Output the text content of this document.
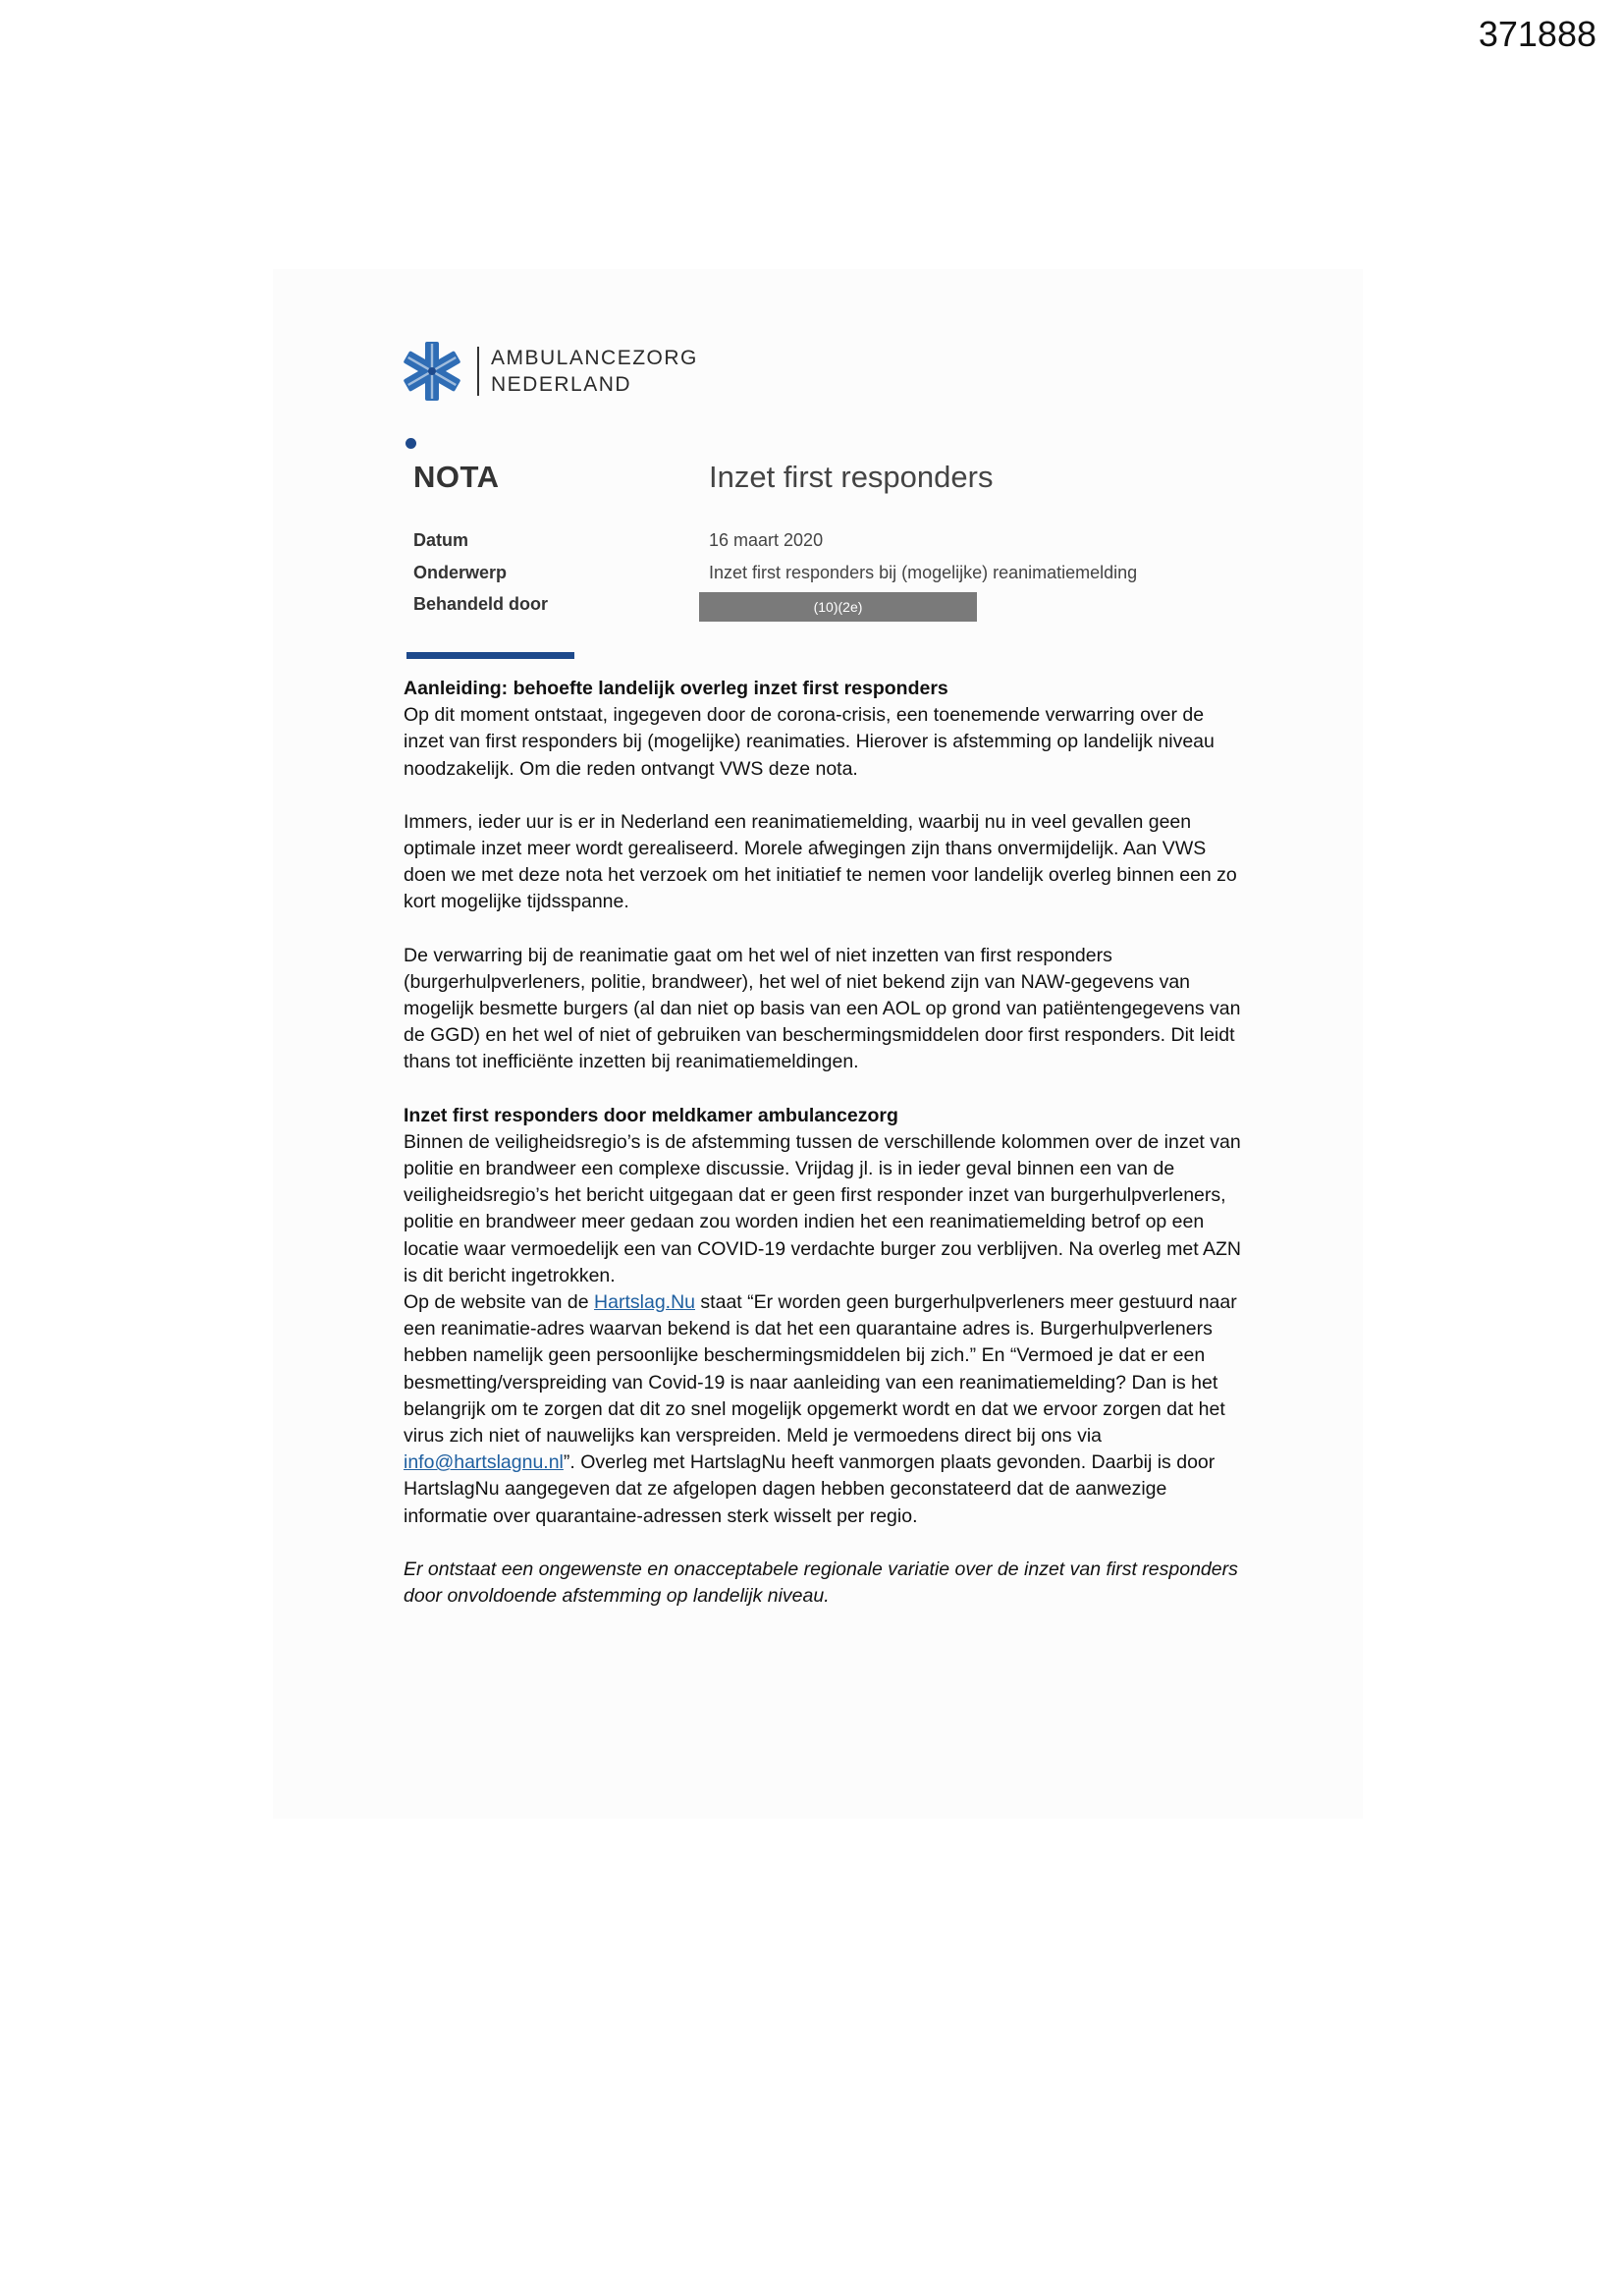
371888
AMBULANCEZORG
NEDERLAND
NOTA	Inzet first responders
Datum	16 maart 2020
Onderwerp	Inzet first responders bij (mogelijke) reanimatiemelding
Behandeld door	(10)(2e)
Aanleiding: behoefte landelijk overleg inzet first responders

Op dit moment ontstaat, ingegeven door de corona-crisis, een toenemende verwarring over de inzet van first responders bij (mogelijke) reanimaties. Hierover is afstemming op landelijk niveau noodzakelijk. Om die reden ontvangt VWS deze nota.

Immers, ieder uur is er in Nederland een reanimatiemelding, waarbij nu in veel gevallen geen optimale inzet meer wordt gerealiseerd. Morele afwegingen zijn thans onvermijdelijk. Aan VWS doen we met deze nota het verzoek om het initiatief te nemen voor landelijk overleg binnen een zo kort mogelijke tijdsspanne.

De verwarring bij de reanimatie gaat om het wel of niet inzetten van first responders (burgerhulpverleners, politie, brandweer), het wel of niet bekend zijn van NAW-gegevens van mogelijk besmette burgers (al dan niet op basis van een AOL op grond van patiëntengegevens van de GGD) en het wel of niet of gebruiken van beschermingsmiddelen door first responders. Dit leidt thans tot inefficiënte inzetten bij reanimatiemeldingen.

Inzet first responders door meldkamer ambulancezorg

Binnen de veiligheidsregio’s is de afstemming tussen de verschillende kolommen over de inzet van politie en brandweer een complexe discussie. Vrijdag jl. is in ieder geval binnen een van de veiligheidsregio’s het bericht uitgegaan dat er geen first responder inzet van burgerhulpverleners, politie en brandweer meer gedaan zou worden indien het een reanimatiemelding betrof op een locatie waar vermoedelijk een van COVID-19 verdachte burger zou verblijven. Na overleg met AZN is dit bericht ingetrokken.

Op de website van de Hartslag.Nu staat “Er worden geen burgerhulpverleners meer gestuurd naar een reanimatie-adres waarvan bekend is dat het een quarantaine adres is. Burgerhulpverleners hebben namelijk geen persoonlijke beschermingsmiddelen bij zich.” En “Vermoed je dat er een besmetting/verspreiding van Covid-19 is naar aanleiding van een reanimatiemelding? Dan is het belangrijk om te zorgen dat dit zo snel mogelijk opgemerkt wordt en dat we ervoor zorgen dat het virus zich niet of nauwelijks kan verspreiden. Meld je vermoedens direct bij ons via info@hartslagnu.nl”. Overleg met HartslagNu heeft vanmorgen plaats gevonden. Daarbij is door HartslagNu aangegeven dat ze afgelopen dagen hebben geconstateerd dat de aanwezige informatie over quarantaine-adressen sterk wisselt per regio.

Er ontstaat een ongewenste en onacceptabele regionale variatie over de inzet van first responders door onvoldoende afstemming op landelijk niveau.
